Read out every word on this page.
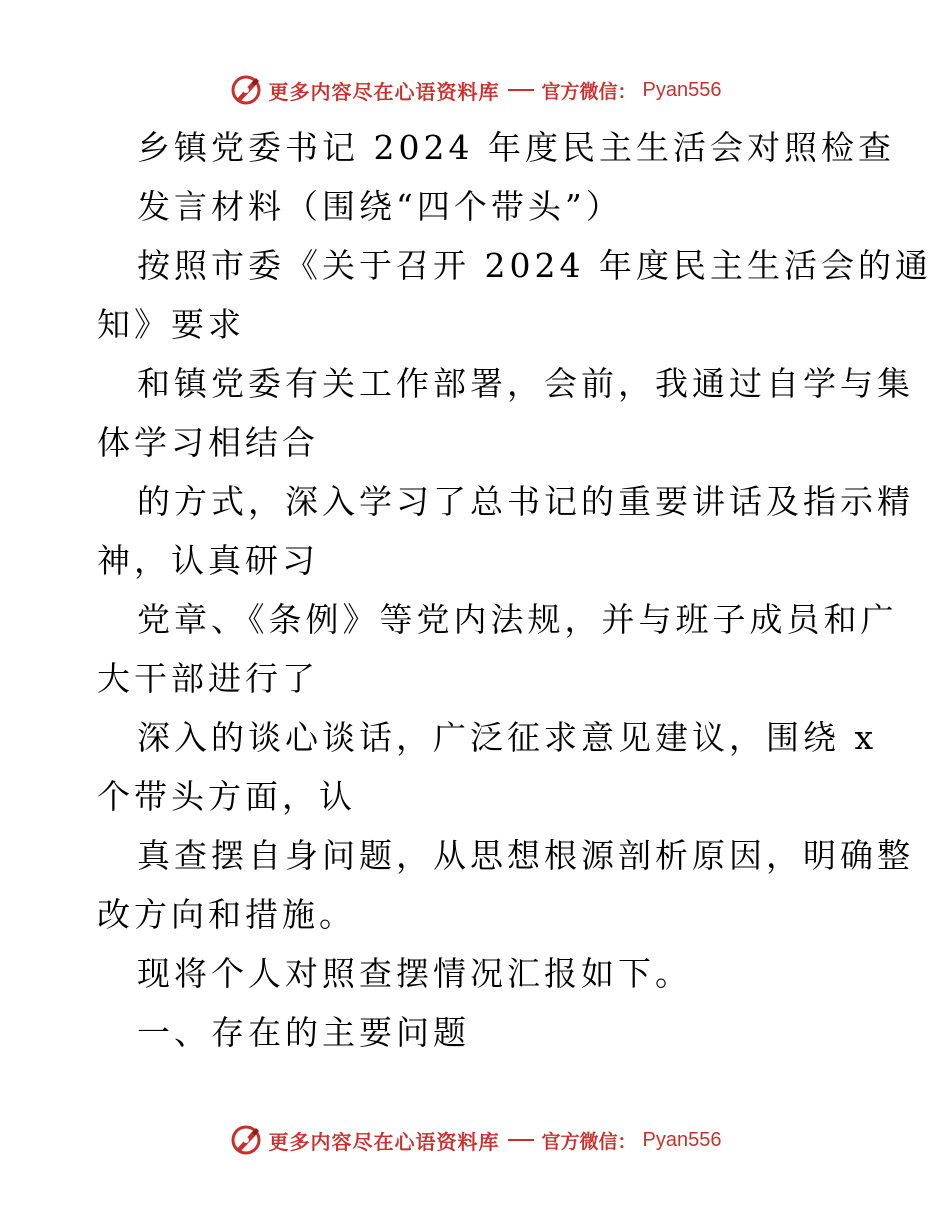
更多内容尽在心语资料库 官方微信： Pyan556
乡镇党委书记 2024 年度民主生活会对照检查
发言材料（围绕“四个带头”）
按照市委《关于召开 2024 年度民主生活会的通
知》要求
和镇党委有关工作部署，会前，我通过自学与集
体学习相结合
的方式，深入学习了总书记的重要讲话及指示精
神，认真研习
党章、《条例》等党内法规，并与班子成员和广
大干部进行了
深入的谈心谈话，广泛征求意见建议，围绕 x
个带头方面，认
真查摆自身问题，从思想根源剖析原因，明确整
改方向和措施。
现将个人对照查摆情况汇报如下。
一、存在的主要问题
更多内容尽在心语资料库 官方微信： Pyan556
